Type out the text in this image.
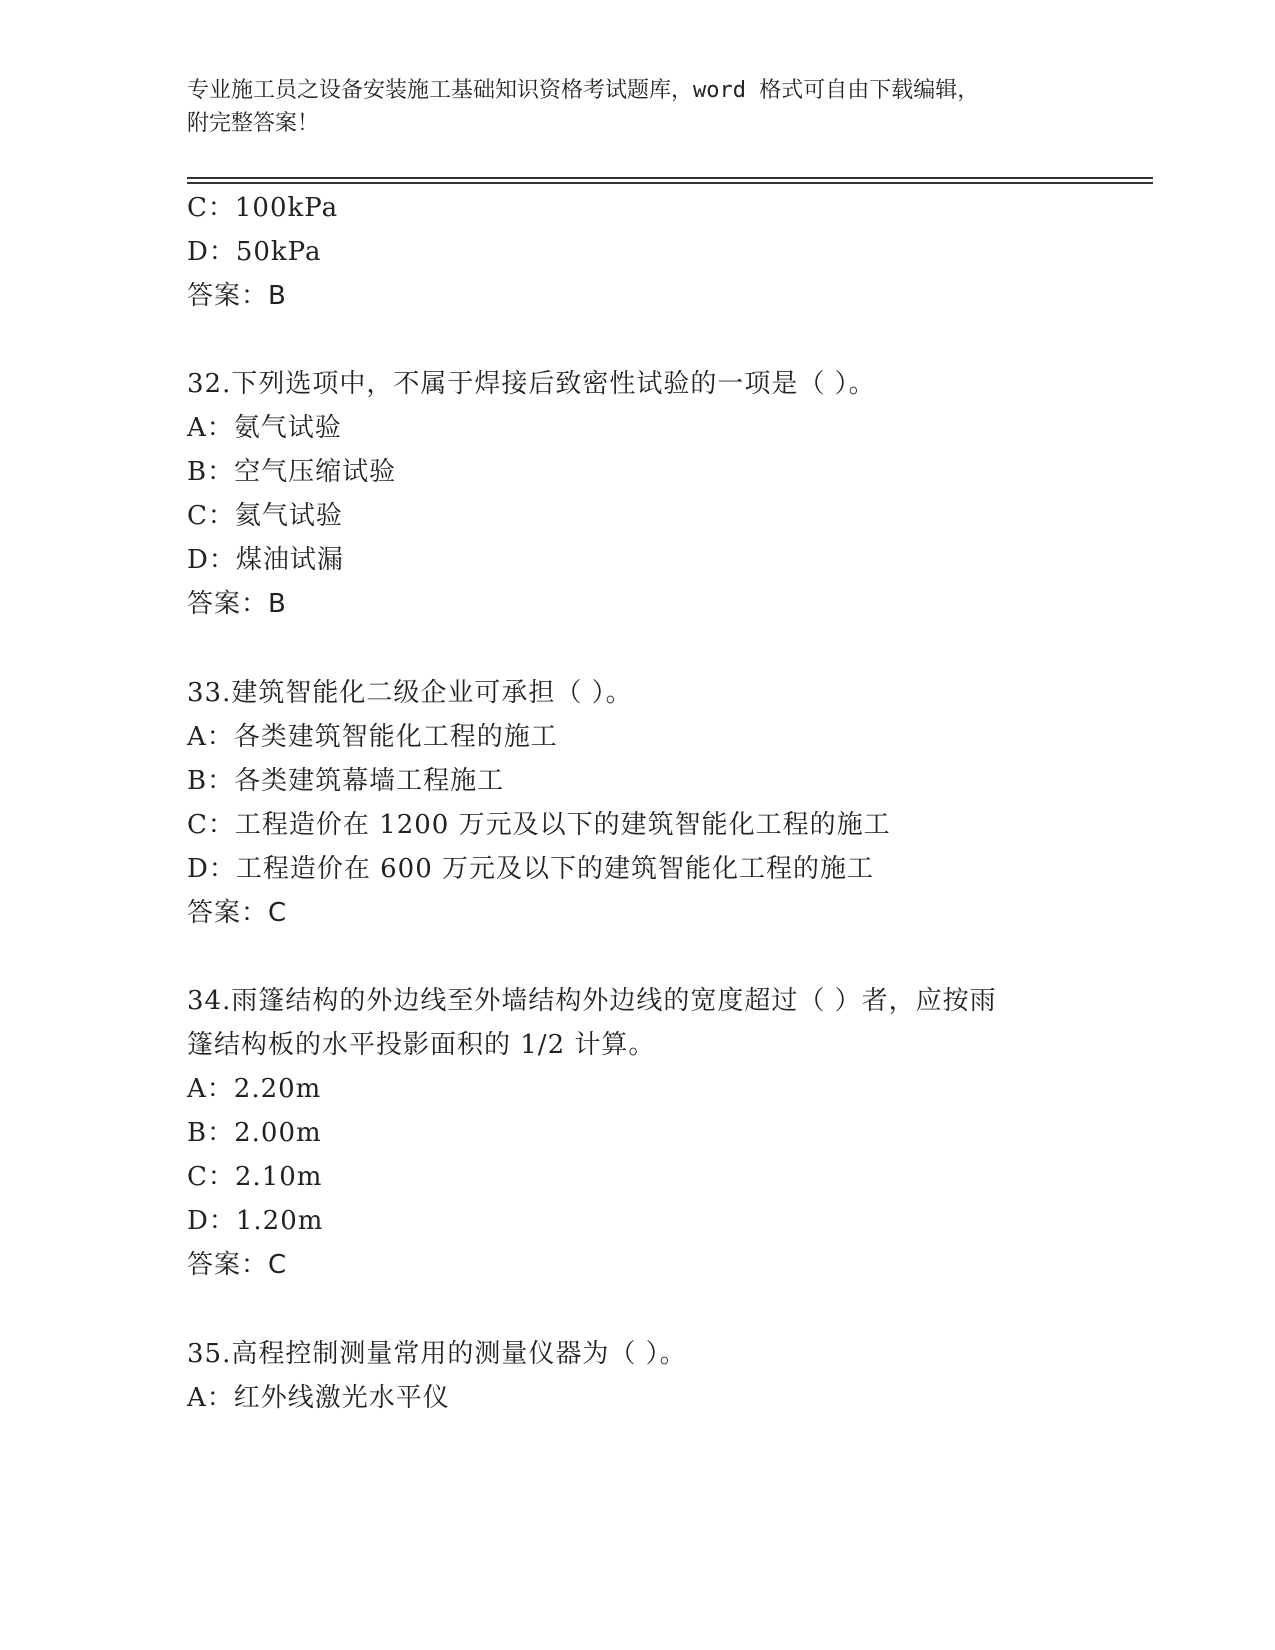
专业施工员之设备安装施工基础知识资格考试题库，word 格式可自由下载编辑，
附完整答案！
C：100kPa
D：50kPa
答案：B
32.下列选项中，不属于焊接后致密性试验的一项是（ ）。
A：氨气试验
B：空气压缩试验
C：氦气试验
D：煤油试漏
答案：B
33.建筑智能化二级企业可承担（ ）。
A：各类建筑智能化工程的施工
B：各类建筑幕墙工程施工
C：工程造价在 1200 万元及以下的建筑智能化工程的施工
D：工程造价在 600 万元及以下的建筑智能化工程的施工
答案：C
34.雨篷结构的外边线至外墙结构外边线的宽度超过（ ）者，应按雨
篷结构板的水平投影面积的 1/2 计算。
A：2.20m
B：2.00m
C：2.10m
D：1.20m
答案：C
35.高程控制测量常用的测量仪器为（ ）。
A：红外线激光水平仪
